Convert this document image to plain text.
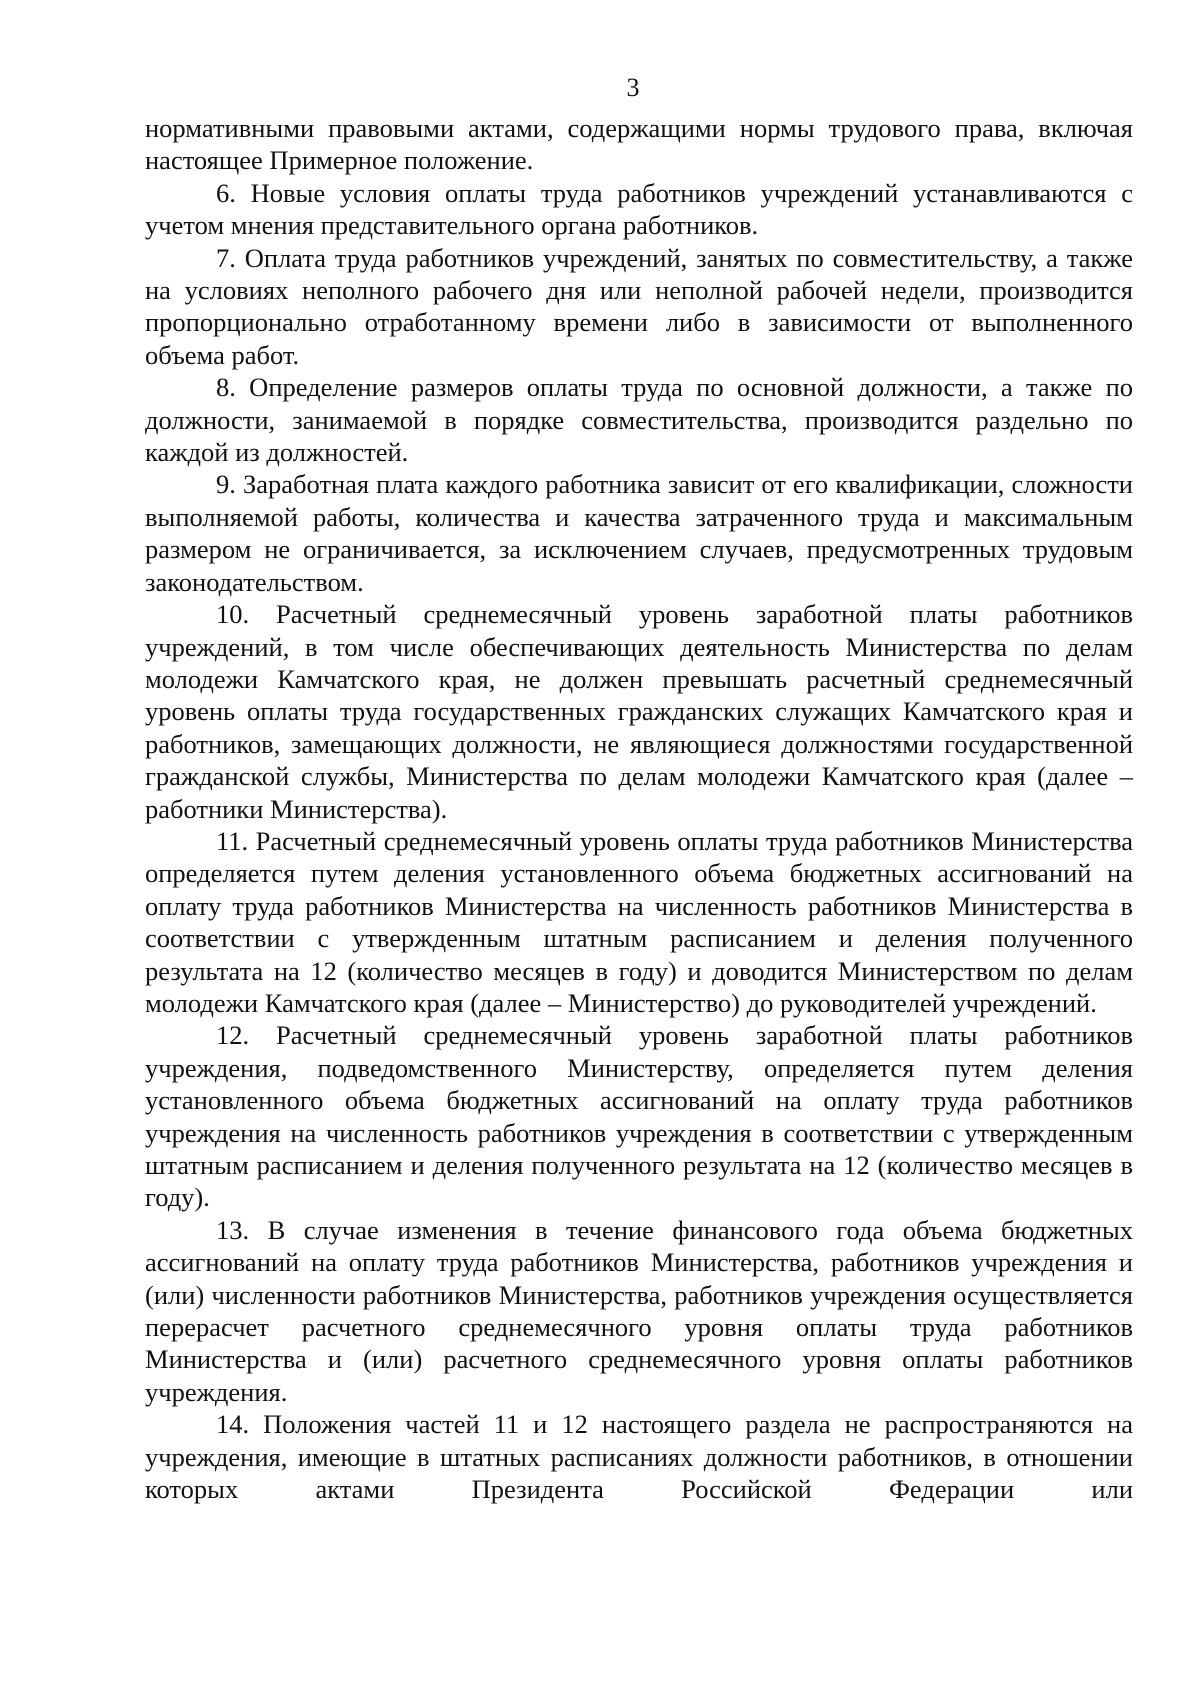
3

нормативными правовыми актами, содержащими нормы трудового права, включая настоящее Примерное положение.

6. Новые условия оплаты труда работников учреждений устанавливаются с учетом мнения представительного органа работников.

7. Оплата труда работников учреждений, занятых по совместительству, а также на условиях неполного рабочего дня или неполной рабочей недели, производится пропорционально отработанному времени либо в зависимости от выполненного объема работ.

8. Определение размеров оплаты труда по основной должности, а также по должности, занимаемой в порядке совместительства, производится раздельно по каждой из должностей.

9. Заработная плата каждого работника зависит от его квалификации, сложности выполняемой работы, количества и качества затраченного труда и максимальным размером не ограничивается, за исключением случаев, предусмотренных трудовым законодательством.

10. Расчетный среднемесячный уровень заработной платы работников учреждений, в том числе обеспечивающих деятельность Министерства по делам молодежи Камчатского края, не должен превышать расчетный среднемесячный уровень оплаты труда государственных гражданских служащих Камчатского края и работников, замещающих должности, не являющиеся должностями государственной гражданской службы, Министерства по делам молодежи Камчатского края (далее – работники Министерства).

11. Расчетный среднемесячный уровень оплаты труда работников Министерства определяется путем деления установленного объема бюджетных ассигнований на оплату труда работников Министерства на численность работников Министерства в соответствии с утвержденным штатным расписанием и деления полученного результата на 12 (количество месяцев в году) и доводится Министерством по делам молодежи Камчатского края (далее – Министерство) до руководителей учреждений.

12. Расчетный среднемесячный уровень заработной платы работников учреждения, подведомственного Министерству, определяется путем деления установленного объема бюджетных ассигнований на оплату труда работников учреждения на численность работников учреждения в соответствии с утвержденным штатным расписанием и деления полученного результата на 12 (количество месяцев в году).

13. В случае изменения в течение финансового года объема бюджетных ассигнований на оплату труда работников Министерства, работников учреждения и (или) численности работников Министерства, работников учреждения осуществляется перерасчет расчетного среднемесячного уровня оплаты труда работников Министерства и (или) расчетного среднемесячного уровня оплаты работников учреждения.

14. Положения частей 11 и 12 настоящего раздела не распространяются на учреждения, имеющие в штатных расписаниях должности работников, в отношении которых актами Президента Российской Федерации или
